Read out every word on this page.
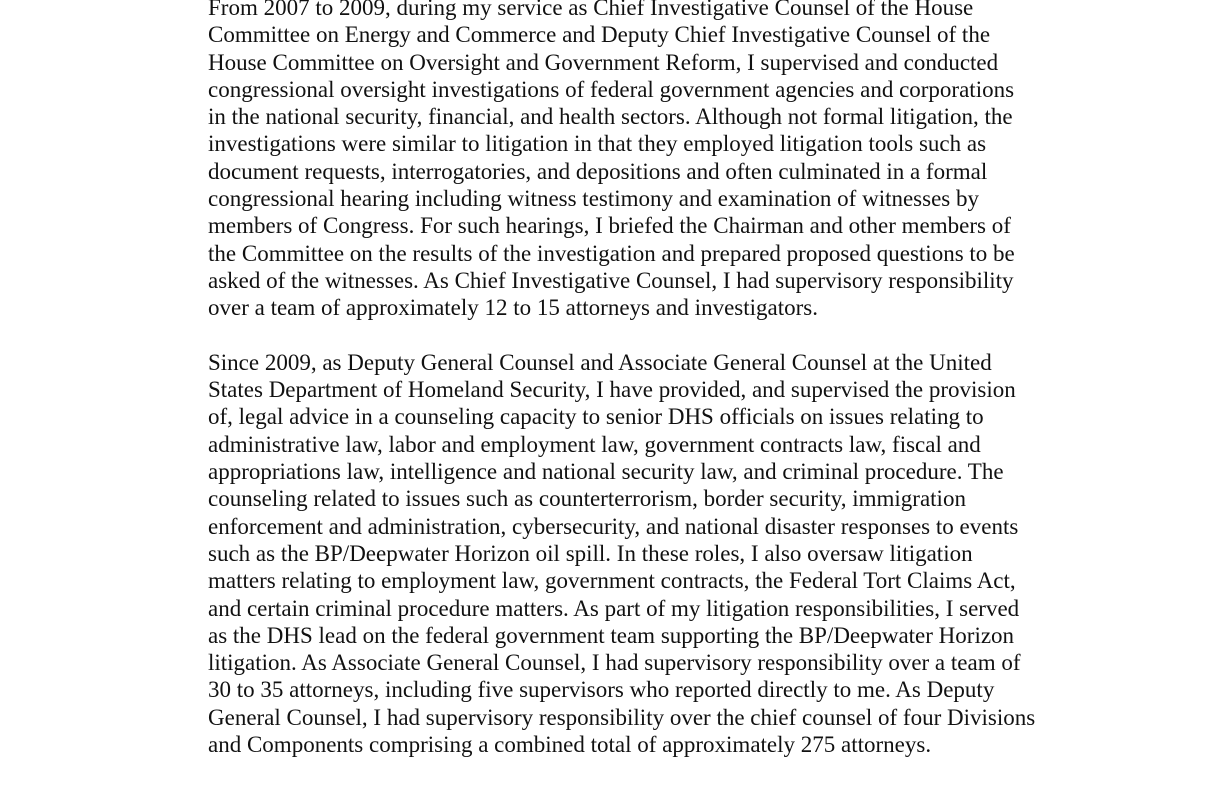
From 2007 to 2009, during my service as Chief Investigative Counsel of the House
Committee on Energy and Commerce and Deputy Chief Investigative Counsel of the
House Committee on Oversight and Government Reform, I supervised and conducted
congressional oversight investigations of federal government agencies and corporations
in the national security, financial, and health sectors. Although not formal litigation, the
investigations were similar to litigation in that they employed litigation tools such as
document requests, interrogatories, and depositions and often culminated in a formal
congressional hearing including witness testimony and examination of witnesses by
members of Congress. For such hearings, I briefed the Chairman and other members of
the Committee on the results of the investigation and prepared proposed questions to be
asked of the witnesses. As Chief Investigative Counsel, I had supervisory responsibility
over a team of approximately 12 to 15 attorneys and investigators.

Since 2009, as Deputy General Counsel and Associate General Counsel at the United
States Department of Homeland Security, I have provided, and supervised the provision
of, legal advice in a counseling capacity to senior DHS officials on issues relating to
administrative law, labor and employment law, government contracts law, fiscal and
appropriations law, intelligence and national security law, and criminal procedure. The
counseling related to issues such as counterterrorism, border security, immigration
enforcement and administration, cybersecurity, and national disaster responses to events
such as the BP/Deepwater Horizon oil spill. In these roles, I also oversaw litigation
matters relating to employment law, government contracts, the Federal Tort Claims Act,
and certain criminal procedure matters. As part of my litigation responsibilities, I served
as the DHS lead on the federal government team supporting the BP/Deepwater Horizon
litigation. As Associate General Counsel, I had supervisory responsibility over a team of
30 to 35 attorneys, including five supervisors who reported directly to me. As Deputy
General Counsel, I had supervisory responsibility over the chief counsel of four Divisions
and Components comprising a combined total of approximately 275 attorneys.
